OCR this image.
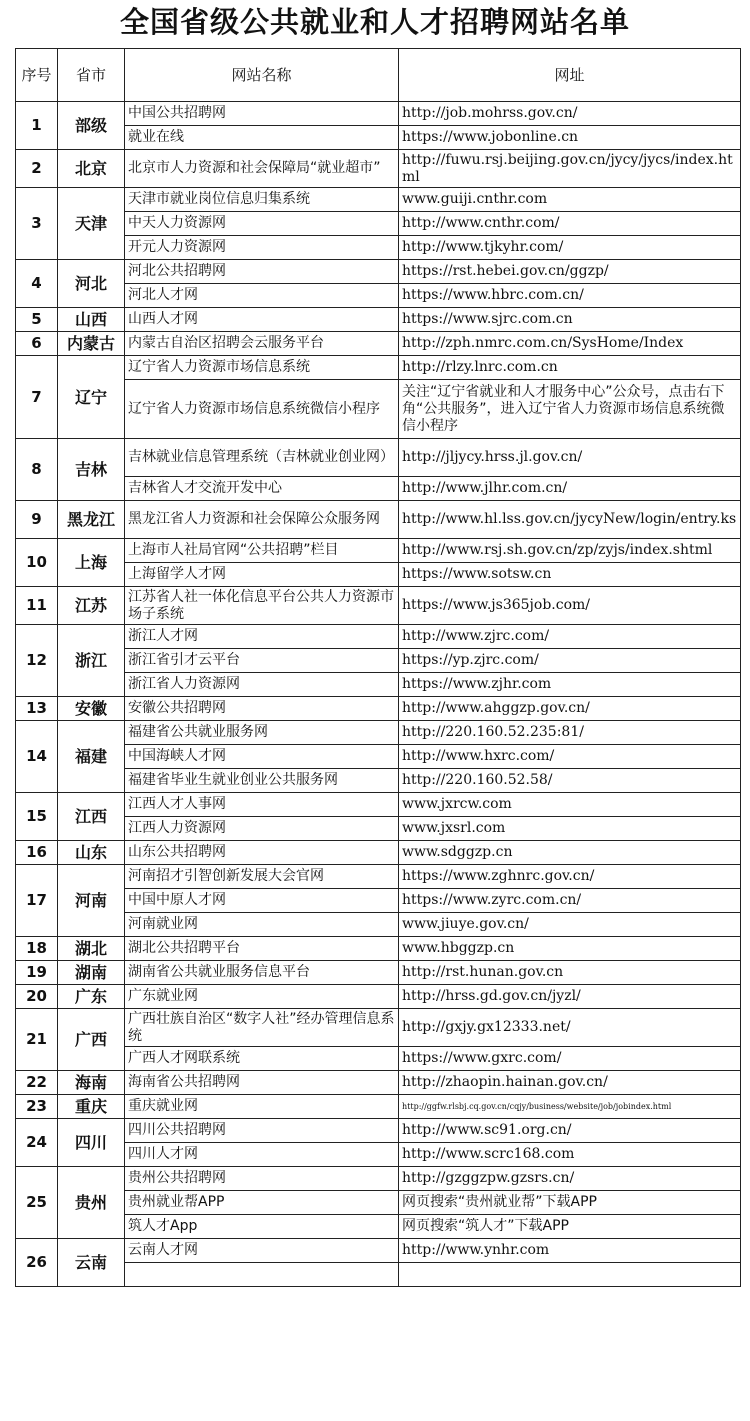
全国省级公共就业和人才招聘网站名单
序号	省市	网站名称	网址
1	部级	中国公共招聘网	http://job.mohrss.gov.cn/
		就业在线	https://www.jobonline.cn
2	北京	北京市人力资源和社会保障局“就业超市”	http://fuwu.rsj.beijing.gov.cn/jycy/jycs/index.html
3	天津	天津市就业岗位信息归集系统	www.guiji.cnthr.com
		中天人力资源网	http://www.cnthr.com/
		开元人力资源网	http://www.tjkyhr.com/
4	河北	河北公共招聘网	https://rst.hebei.gov.cn/ggzp/
		河北人才网	https://www.hbrc.com.cn/
5	山西	山西人才网	https://www.sjrc.com.cn
6	内蒙古	内蒙古自治区招聘会云服务平台	http://zph.nmrc.com.cn/SysHome/Index
7	辽宁	辽宁省人力资源市场信息系统	http://rlzy.lnrc.com.cn
		辽宁省人力资源市场信息系统微信小程序	关注“辽宁省就业和人才服务中心”公众号，点击右下角“公共服务”，进入辽宁省人力资源市场信息系统微信小程序
8	吉林	吉林就业信息管理系统（吉林就业创业网）	http://jljycy.hrss.jl.gov.cn/
		吉林省人才交流开发中心	http://www.jlhr.com.cn/
9	黑龙江	黑龙江省人力资源和社会保障公众服务网	http://www.hl.lss.gov.cn/jycyNew/login/entry.ks
10	上海	上海市人社局官网“公共招聘”栏目	http://www.rsj.sh.gov.cn/zp/zyjs/index.shtml
		上海留学人才网	https://www.sotsw.cn
11	江苏	江苏省人社一体化信息平台公共人力资源市场子系统	https://www.js365job.com/
12	浙江	浙江人才网	http://www.zjrc.com/
		浙江省引才云平台	https://yp.zjrc.com/
		浙江省人力资源网	https://www.zjhr.com
13	安徽	安徽公共招聘网	http://www.ahggzp.gov.cn/
14	福建	福建省公共就业服务网	http://220.160.52.235:81/
		中国海峡人才网	http://www.hxrc.com/
		福建省毕业生就业创业公共服务网	http://220.160.52.58/
15	江西	江西人才人事网	www.jxrcw.com
		江西人力资源网	www.jxsrl.com
16	山东	山东公共招聘网	www.sdggzp.cn
17	河南	河南招才引智创新发展大会官网	https://www.zghnrc.gov.cn/
		中国中原人才网	https://www.zyrc.com.cn/
		河南就业网	www.jiuye.gov.cn/
18	湖北	湖北公共招聘平台	www.hbggzp.cn
19	湖南	湖南省公共就业服务信息平台	http://rst.hunan.gov.cn
20	广东	广东就业网	http://hrss.gd.gov.cn/jyzl/
21	广西	广西壮族自治区“数字人社”经办管理信息系统	http://gxjy.gx12333.net/
		广西人才网联系统	https://www.gxrc.com/
22	海南	海南省公共招聘网	http://zhaopin.hainan.gov.cn/
23	重庆	重庆就业网	http://ggfw.rlsbj.cq.gov.cn/cqjy/business/website/job/jobindex.html
24	四川	四川公共招聘网	http://www.sc91.org.cn/
		四川人才网	http://www.scrc168.com
25	贵州	贵州公共招聘网	http://gzggzpw.gzsrs.cn/
		贵州就业帮APP	网页搜索“贵州就业帮”下载APP
		筑人才App	网页搜索“筑人才”下载APP
26	云南	云南人才网	http://www.ynhr.com
